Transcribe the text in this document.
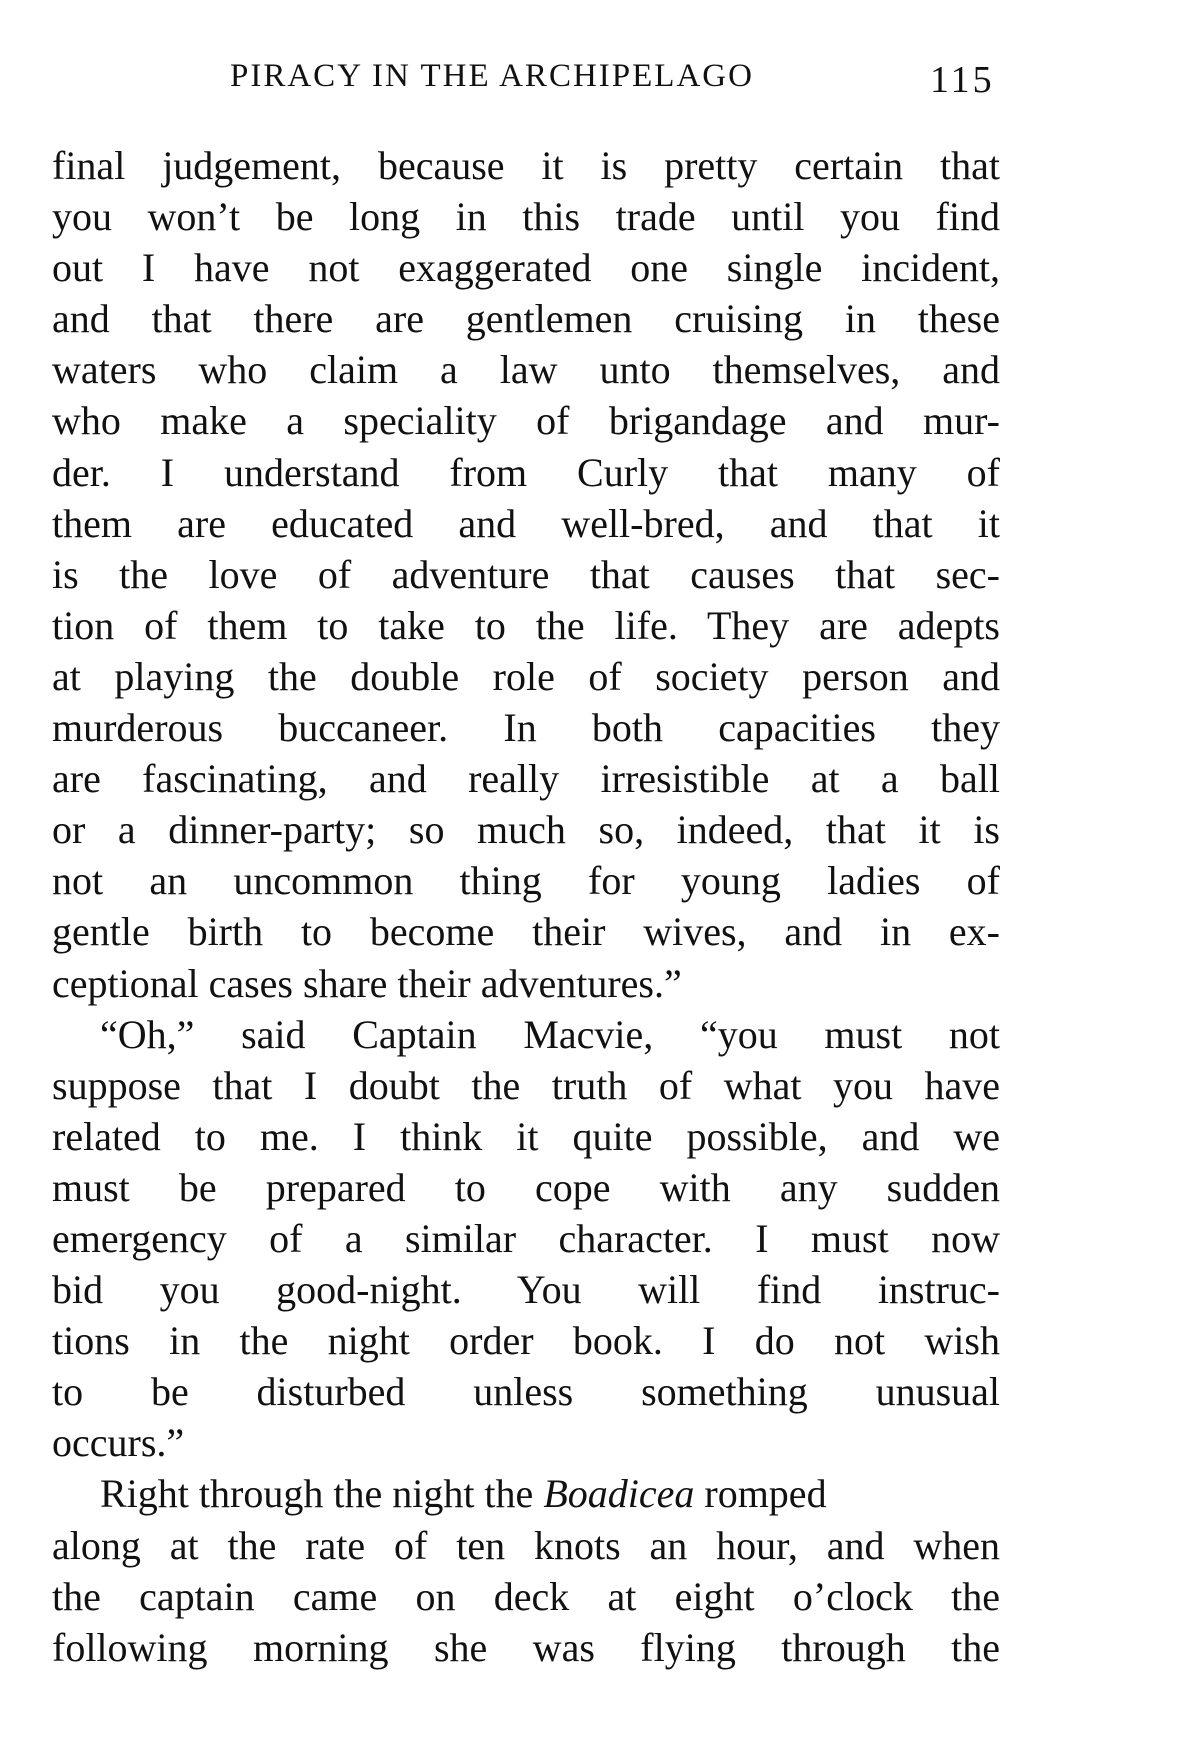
PIRACY IN THE ARCHIPELAGO	115
final judgement, because it is pretty certain that
you won’t be long in this trade until you find
out I have not exaggerated one single incident,
and that there are gentlemen cruising in these
waters who claim a law unto themselves, and
who make a speciality of brigandage and mur-
der. I understand from Curly that many of
them are educated and well-bred, and that it
is the love of adventure that causes that sec-
tion of them to take to the life. They are adepts
at playing the double role of society person and
murderous buccaneer. In both capacities they
are fascinating, and really irresistible at a ball
or a dinner-party; so much so, indeed, that it is
not an uncommon thing for young ladies of
gentle birth to become their wives, and in ex-
ceptional cases share their adventures.”
“Oh,” said Captain Macvie, “you must not
suppose that I doubt the truth of what you have
related to me. I think it quite possible, and we
must be prepared to cope with any sudden
emergency of a similar character. I must now
bid you good-night. You will find instruc-
tions in the night order book. I do not wish
to be disturbed unless something unusual
occurs.”
Right through the night the Boadicea romped
along at the rate of ten knots an hour, and when
the captain came on deck at eight o’clock the
following morning she was flying through the
